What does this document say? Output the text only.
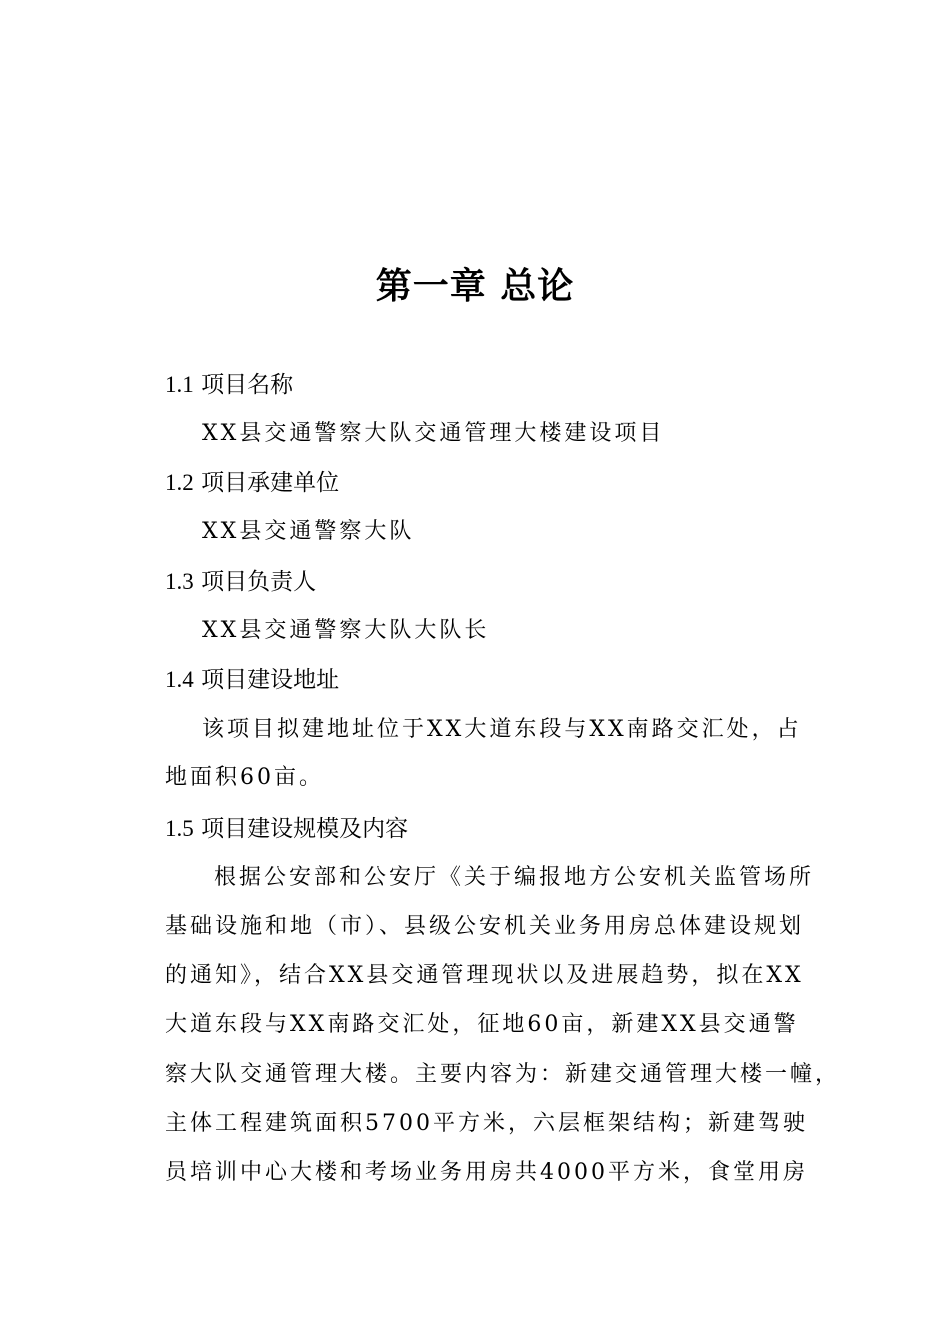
第一章 总论
1.1 项目名称
XX县交通警察大队交通管理大楼建设项目
1.2 项目承建单位
XX县交通警察大队
1.3 项目负责人
XX县交通警察大队大队长
1.4 项目建设地址
该项目拟建地址位于XX大道东段与XX南路交汇处，占
地面积60亩。
1.5 项目建设规模及内容
根据公安部和公安厅《关于编报地方公安机关监管场所
基础设施和地（市）、县级公安机关业务用房总体建设规划
的通知》，结合XX县交通管理现状以及进展趋势，拟在XX
大道东段与XX南路交汇处，征地60亩，新建XX县交通警
察大队交通管理大楼。主要内容为：新建交通管理大楼一幢，
主体工程建筑面积5700平方米，六层框架结构；新建驾驶
员培训中心大楼和考场业务用房共4000平方米，食堂用房
